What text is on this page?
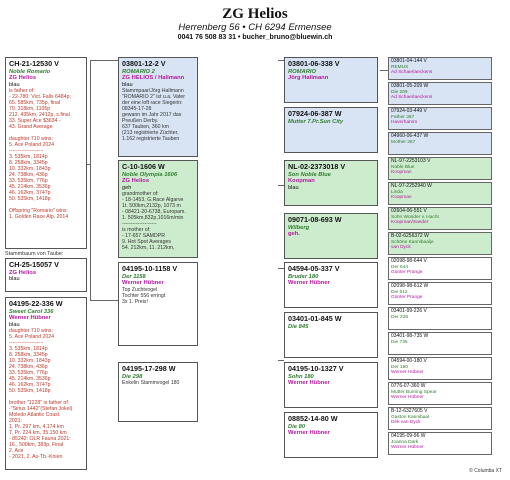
ZG Helios
Herrenberg 56 • CH 6294 Ermensee
0041 76 508 83 31 • bucher_bruno@bluewin.ch
CH-21-12530 V
Noble Romario
ZG Helios
blau
is father of:
- 22-780: Vict. Falls 6484p;
65. 585km, 735p, final
79. 318km, 1105p
212. 435km, 2412p, s.final
33. Super Ace $3634 -
43. Grand Average

daughter 710 wins:
5. Ace Poland 2024
--------------------
3. 535km, 1814p
8. 258km, 3345p
10. 332km, 1843p
24. 738km, 436p
33. 535km, 776p
45. 214km, 3536p
46. 162km, 3747p
50. 535km, 1418p

Offspring "Romario" wins:
1. Golden Race Alp. 2014
Stammbaum von Taube:
CH-25-15057 V
ZG Helios
blau
04195-22-336 W
Sweet Carol 336
Werner Hübner
blau
daughter 710 wins:
5. Ace Poland 2024
--------------------
3. 535km, 1814p
8. 258km, 3345p
10. 332km, 1843p
24. 738km, 436p
33. 535km, 776p
45. 214km, 3536p
46. 162km, 3747p
50. 535km, 1418p

brother "1228" is father of:
-"Sirius 1442"(Stefan Jokel)
Moledo Atlantic Coast
2021:
1. Pr. 297 km, 4.174 km
7. Pr. 224 km, 35.150 km
- 85242: OLR Fauna 2021:
16., 500km, 383p, Final
2. Ace
- 2021, 2. As-Tb.-Knien
03801-12-2 V
ROMARIO 2
ZG HELIOS / Hallmann
blau
Stammpaar/Jörg Hallmann
"ROMARIO 2" ist u.a. Vater
der eine loft race Siegerin:
08345-17-28
gewann im Jahr 2017 das
Preußen Derby.
637 Tauben, 360 km
(213 registrierte Züchter,
1.162 registrierte Tauben
C-10-1606 W
Noble Olympia 1606
ZG Helios
geh
grandmother of:
- 18-1453, G.Race Algarve
1t. 500km,2132p, 1073 m
- 08421-20-6738, Europam.
1. 505km,832p,1016m/min
--------------------
is mother of:
- 17-657 SAMDPR
9. Hot Spot Averages
54. 212km, 11. 212km,
04195-10-1158 V
Der 1158
Werner Hübner
Top Zuchtvogel
Tochter 556 erringt
3x 1. Preis!
04195-17-298 W
Die 298
Enkelin Stammvogel 180
03801-06-338 V
ROMARIO
Jörg Hallmann
07924-06-387 W
Mutter 7.Pr.Sun City
NL-02-2373018 V
Son Noble Blue
Koopman
blau
09071-08-693 W
Wilberg
geh.
04594-05-337 V
Bruder 180
Werner Hübner
03401-01-845 W
Die 845
04195-10-1327 V
Sohn 180
Werner Hübner
08852-14-80 W
Die 80
Werner Hübner
03801-04-144 V
REMUS
Ad Schaerlaeckens
03801-05-209 W
Die 209
Ad Schaerlaeckens
07924-03-449 V
Father 367
Haverhamm
04960-06-437 W
Mother 367
NL-97-2253103 V
Noble Blue
Koopman
NL-97-2252940 W
Linda
Koopman
02604-06-551 V
Sohn Wonder v. Hacht
Koopman/Sander
B-02-6256372 W
Schöne Kannibaalje
van Dyck
02098-98-644 V
Der 644
Günter Prange
02098-98-612 W
Die 612
Günter Prange
03401-99-226 V
Der 226
03401-98-735 W
Die 735
04594-00-180 V
Der 180
Werner Hübner
0776-07-360 W
Mutter Burning Spear
Werner Hübner
B-12-6327605 V
Gaston Kannibaal
Dirk van Dyck
04195-09-96 W
Joanna Dark
Werner Hübner
© Columba XT
